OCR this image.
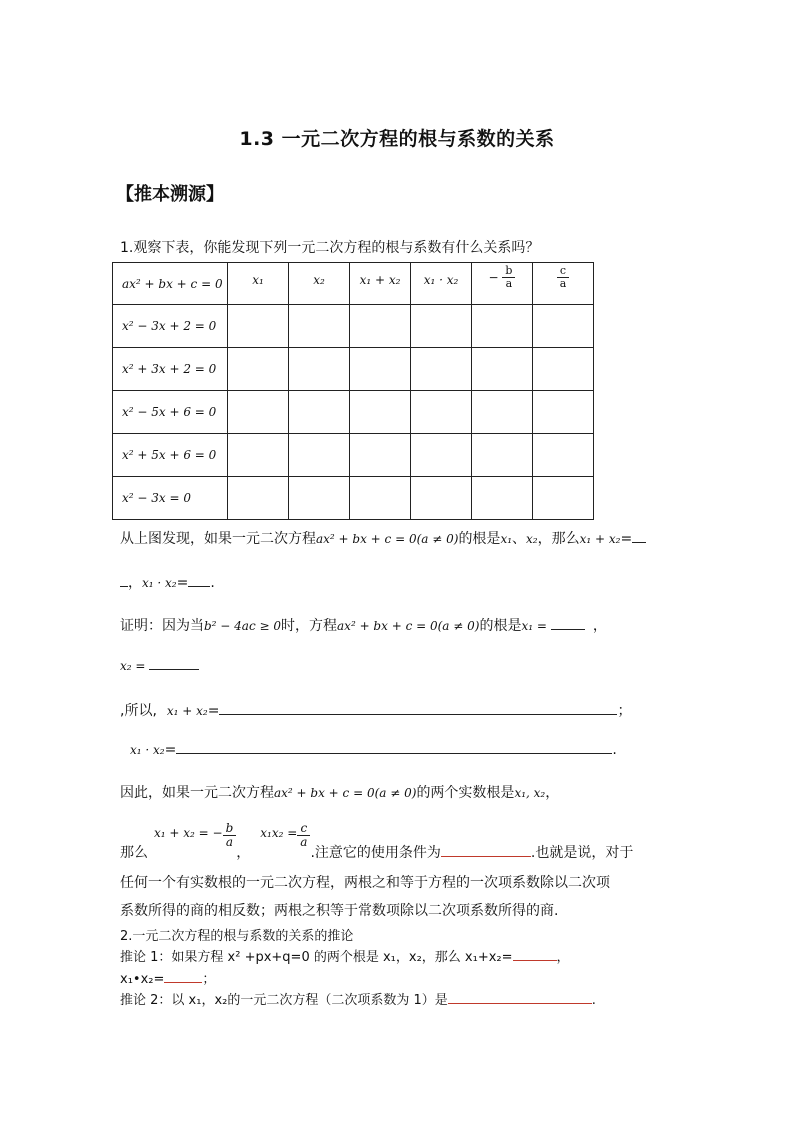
1.3 一元二次方程的根与系数的关系
【推本溯源】
1.观察下表，你能发现下列一元二次方程的根与系数有什么关系吗？
ax² + bx + c = 0	x₁	x₂	x₁ + x₂	x₁ · x₂	− $\frac{b}{a}$	$\frac{c}{a}$

x² − 3x + 2 = 0						
x² + 3x + 2 = 0						
x² − 5x + 6 = 0						
x² + 5x + 6 = 0						
x² − 3x = 0						
从上图发现，如果一元二次方程ax² + bx + c = 0(a ≠ 0)的根是x₁、x₂，那么x₁ + x₂=
，x₁ · x₂= .
证明：因为当b² − 4ac ≥ 0时，方程ax² + bx + c = 0(a ≠ 0)的根是x₁ =	，
x₂ =
,所以, x₁ + x₂=	；
x₁ · x₂=	.
因此，如果一元二次方程ax² + bx + c = 0(a ≠ 0)的两个实数根是x₁, x₂，
那么x₁ + x₂ = − $\frac{b}{a}$
，$x_1x_2 = \frac{c}{a}$
.注意它的使用条件为	.也就是说，对于
任何一个有实数根的一元二次方程，两根之和等于方程的一次项系数除以二次项
系数所得的商的相反数；两根之积等于常数项除以二次项系数所得的商.
2.一元二次方程的根与系数的关系的推论
推论 1：如果方程 x² +px+q=0 的两个根是 x₁，x₂，那么 x₁+x₂=	，
x₁•x₂=	；
推论 2：以 x₁，x₂的一元二次方程（二次项系数为 1）是	.
